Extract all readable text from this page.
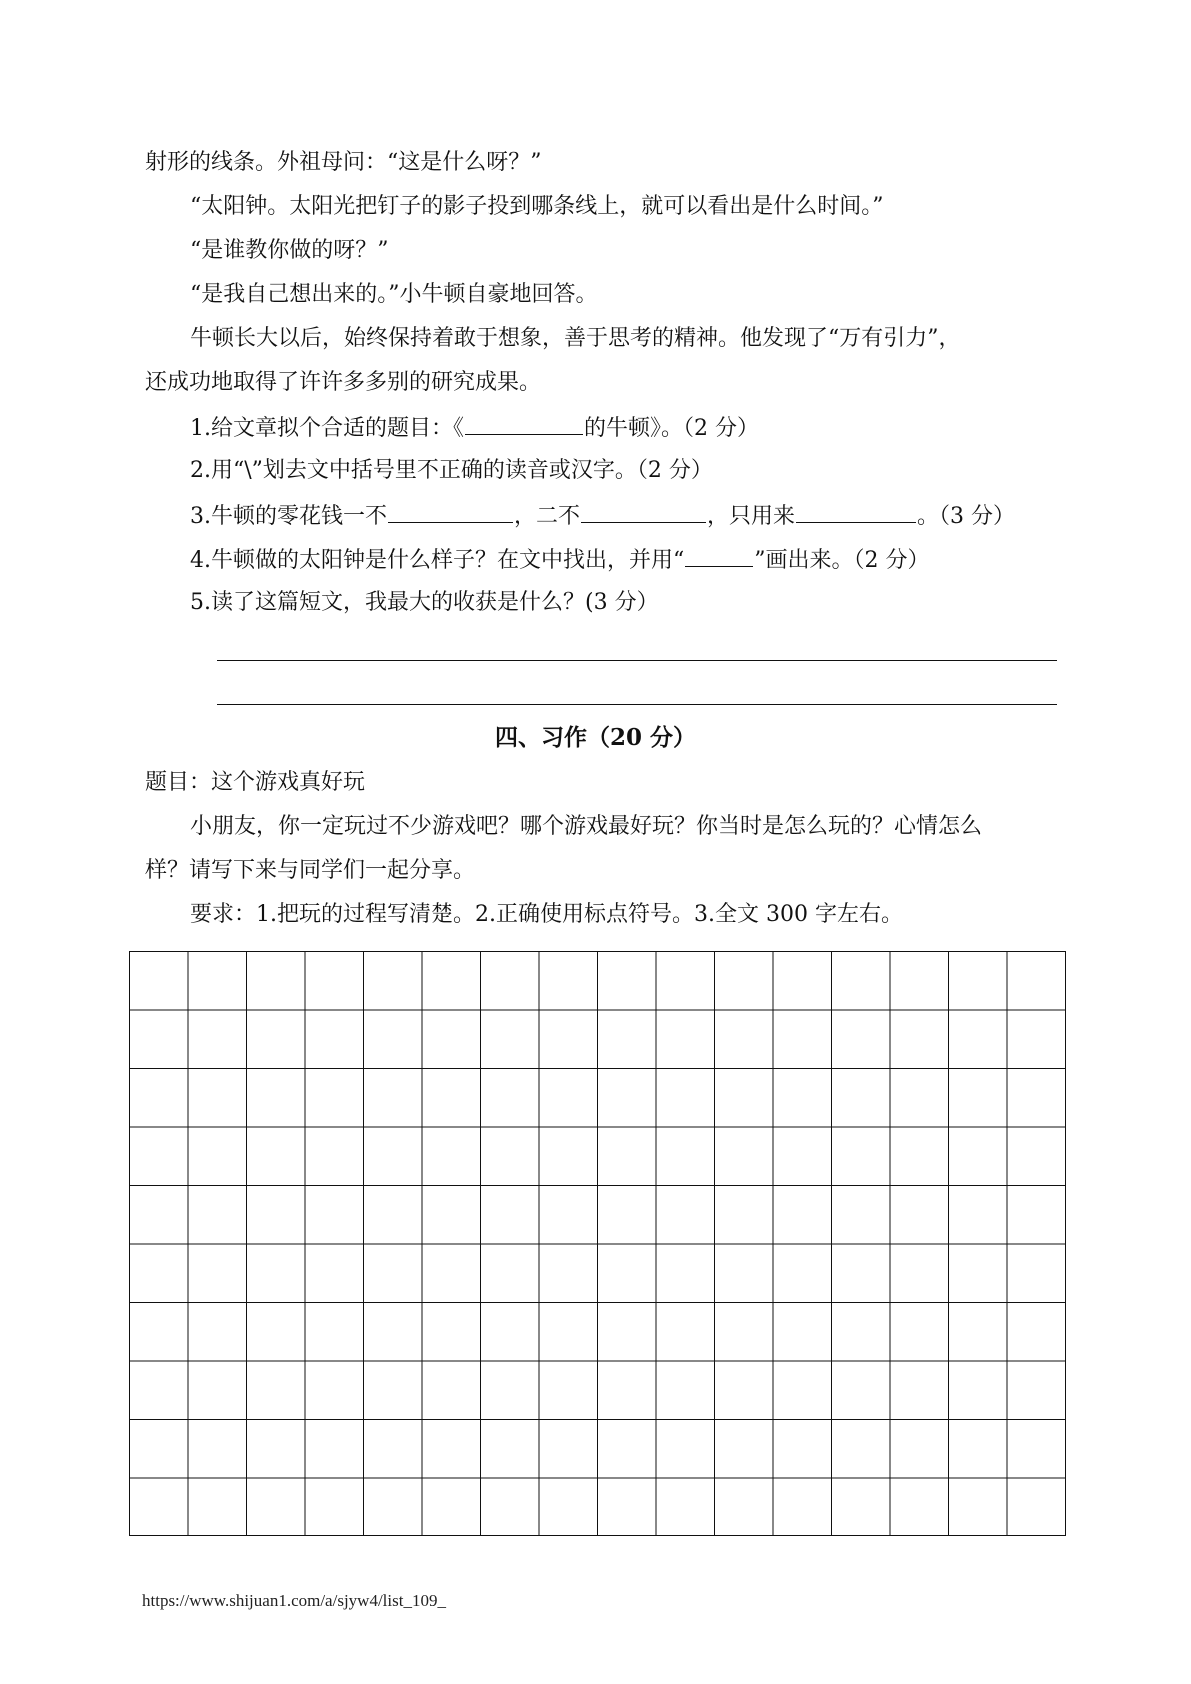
射形的线条。外祖母问：“这是什么呀？”
“太阳钟。太阳光把钉子的影子投到哪条线上，就可以看出是什么时间。”
“是谁教你做的呀？”
“是我自己想出来的。”小牛顿自豪地回答。
牛顿长大以后，始终保持着敢于想象，善于思考的精神。他发现了“万有引力”，
还成功地取得了许许多多别的研究成果。
1.给文章拟个合适的题目：《	的牛顿》。（2 分）
2.用“\”划去文中括号里不正确的读音或汉字。（2 分）
3.牛顿的零花钱一不	，二不	，只用来	。（3 分）
4.牛顿做的太阳钟是什么样子？在文中找出，并用“	”画出来。（2 分）
5.读了这篇短文，我最大的收获是什么？(3 分）
四、习作（20 分）
题目：这个游戏真好玩
小朋友，你一定玩过不少游戏吧？哪个游戏最好玩？你当时是怎么玩的？心情怎么
样？请写下来与同学们一起分享。
要求：1.把玩的过程写清楚。2.正确使用标点符号。3.全文 300 字左右。
https://www.shijuan1.com/a/sjyw4/list_109_
